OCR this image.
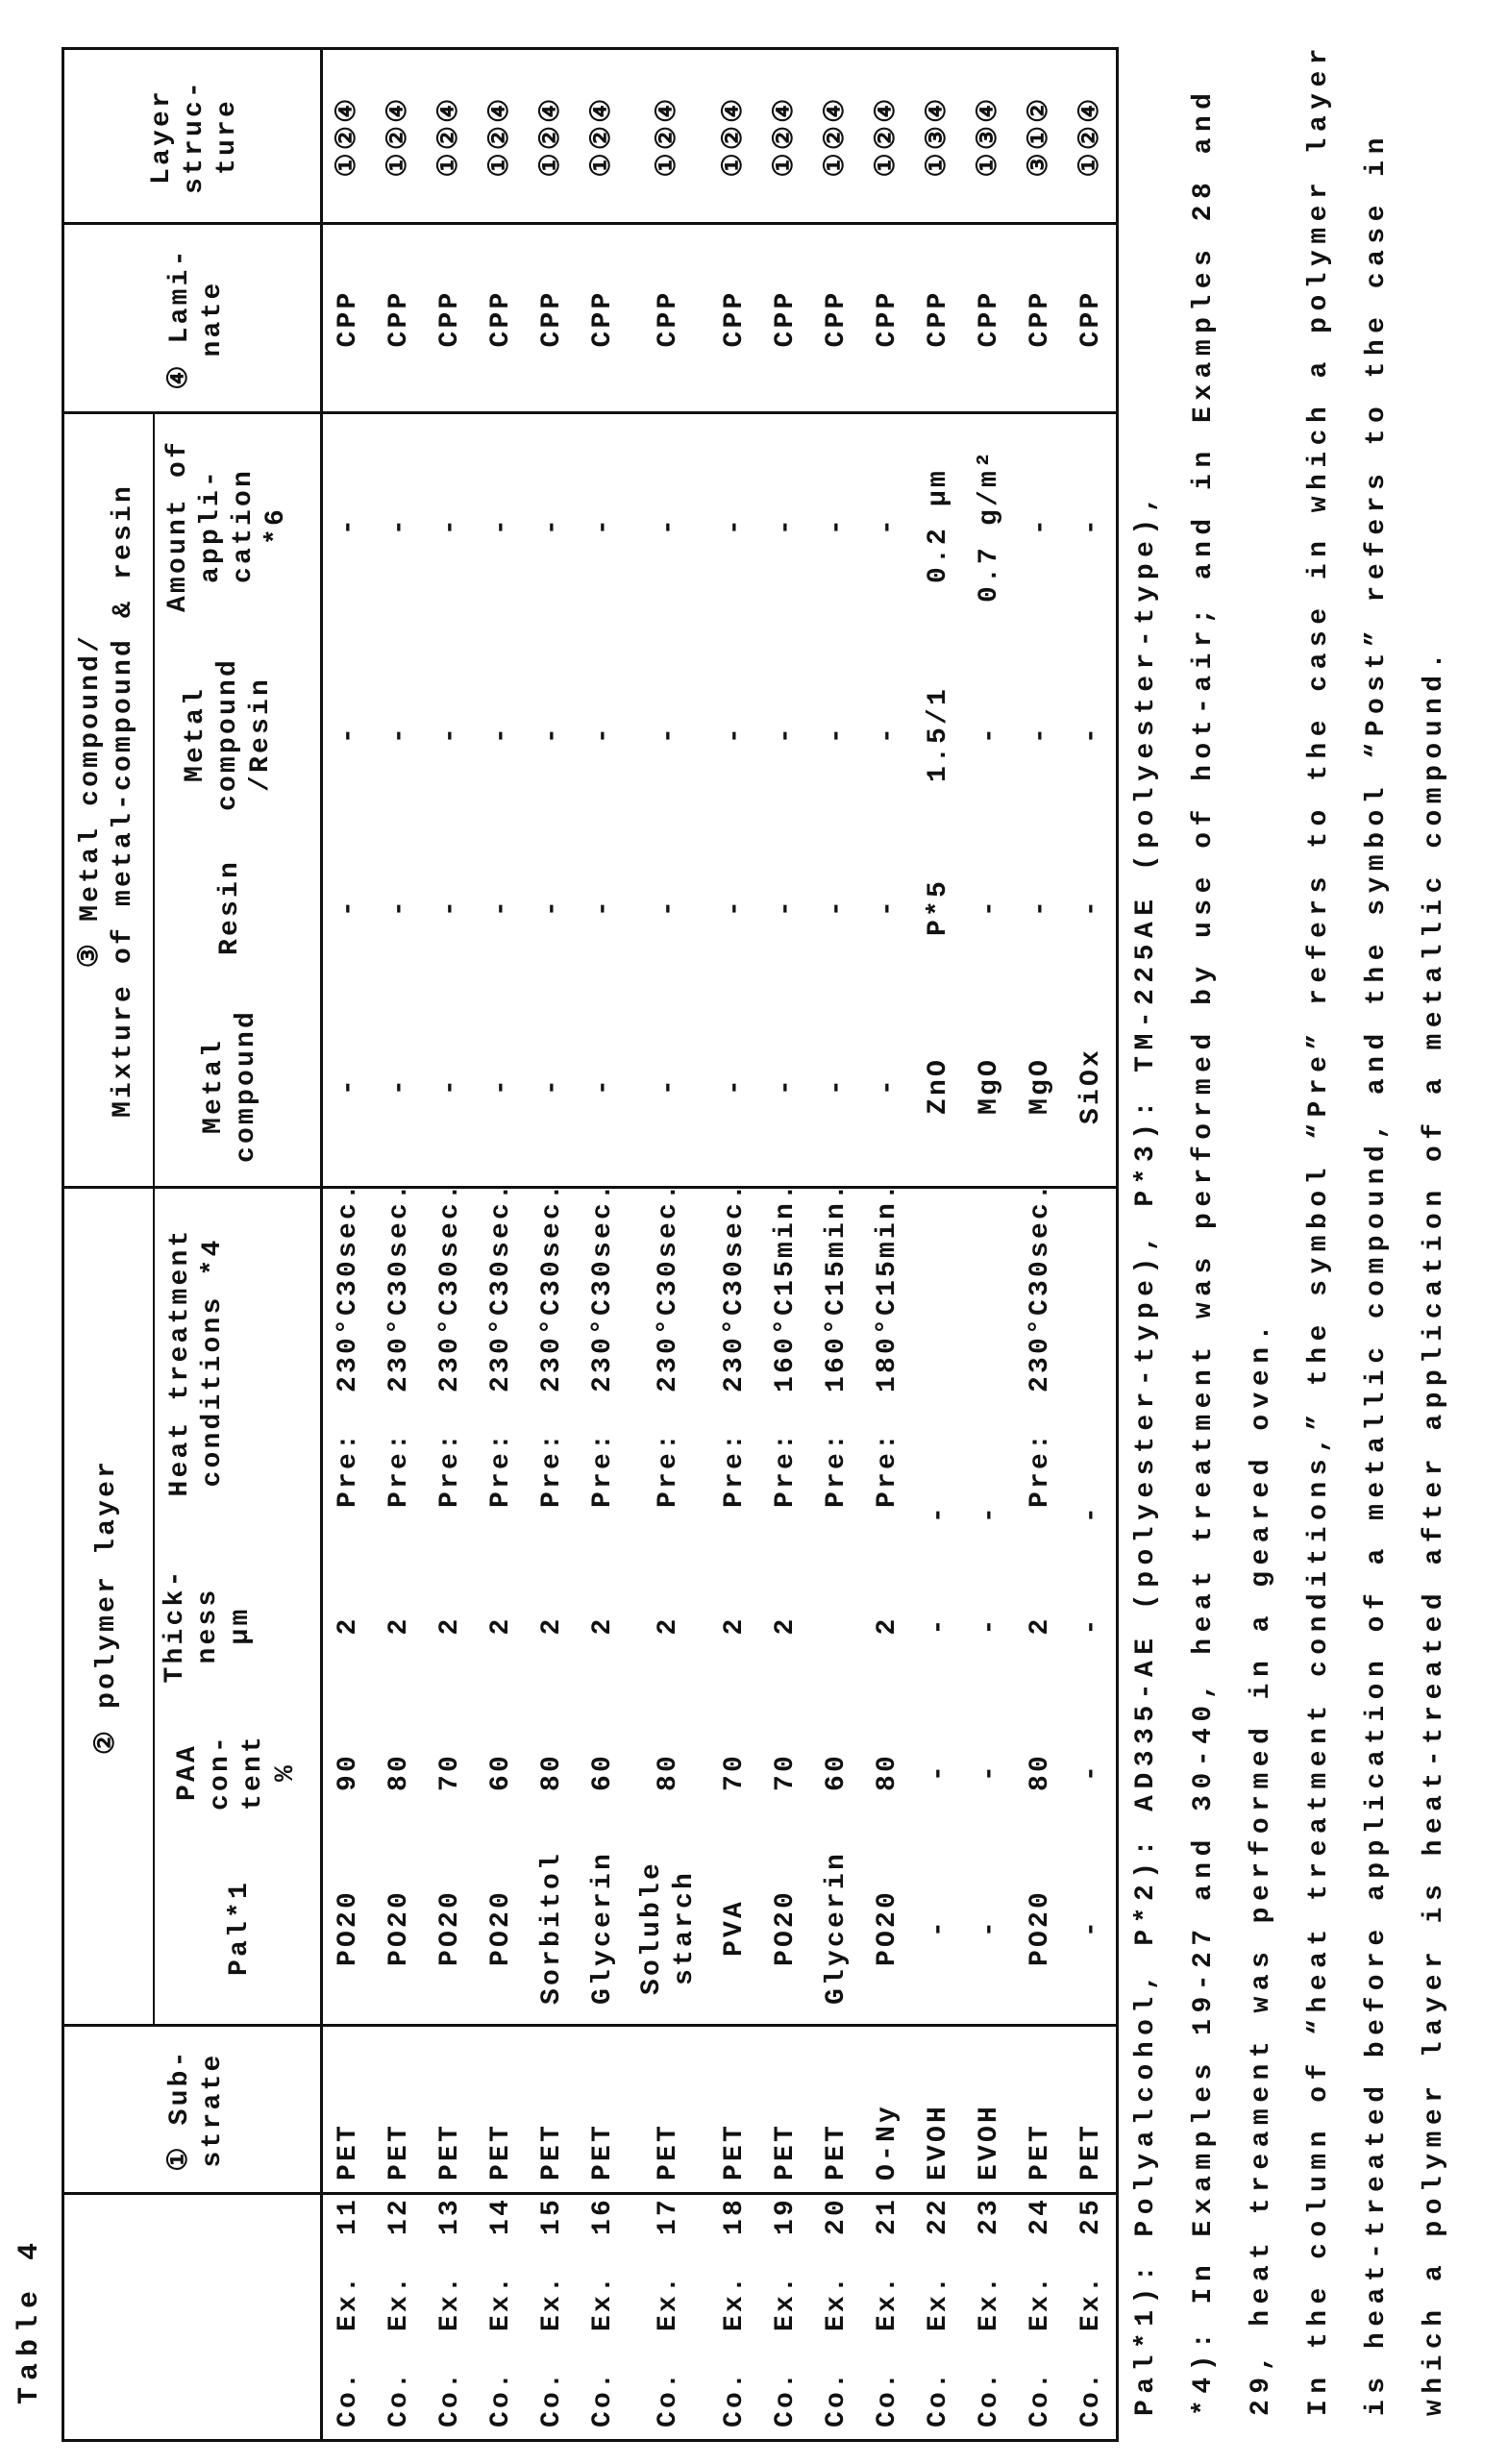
Table 4
① Sub- strate
② polymer layer
Pal*1
PAA con- tent %
Thick- ness µm
Heat treatment conditions *4
③ Metal compound/ Mixture of metal-compound & resin Metal compound
Resin
Metal compound /Resin
Amount of appli- cation *6
④ Lami- nate
Layer struc- ture
Co.  Ex.  11
PET
PO20
90
2
Pre:  230°C30sec.
-
-
-
-
CPP
①②④
Co.  Ex.  12
PET
PO20
80
2
Pre:  230°C30sec.
-
-
-
-
CPP
①②④
Co.  Ex.  13
PET
PO20
70
2
Pre:  230°C30sec.
-
-
-
-
CPP
①②④
Co.  Ex.  14
PET
PO20
60
2
Pre:  230°C30sec.
-
-
-
-
CPP
①②④
Co.  Ex.  15
PET
Sorbitol
80
2
Pre:  230°C30sec.
-
-
-
-
CPP
①②④
Co.  Ex.  16
PET
Glycerin
60
2
Pre:  230°C30sec.
-
-
-
-
CPP
①②④
Co.  Ex.  17
PET
Soluble
starch
80
2
Pre:  230°C30sec.
-
-
-
-
CPP
①②④
Co.  Ex.  18
PET
PVA
70
2
Pre:  230°C30sec.
-
-
-
-
CPP
①②④
Co.  Ex.  19
PET
PO20
70
2
Pre:  160°C15min.
-
-
-
-
CPP
①②④
Co.  Ex.  20
PET
Glycerin
60
Pre:  160°C15min.
-
-
-
-
CPP
①②④
Co.  Ex.  21
O-Ny
PO20
80
2
Pre:  180°C15min.
-
-
-
-
CPP
①②④
Co.  Ex.  22
EVOH
-
-
-
-
ZnO
P*5
1.5/1
0.2 µm
CPP
①③④
Co.  Ex.  23
EVOH
-
-
-
-
MgO
-
-
0.7 g/m²
CPP
①③④
Co.  Ex.  24
PET
PO20
80
2
Pre:  230°C30sec.
MgO
-
-
-
CPP
③①②
Co.  Ex.  25
PET
-
-
-
-
SiOx
-
-
-
CPP
①②④
Pal*1): Polyalcohol, P*2): AD335-AE (polyester-type), P*3): TM-225AE (polyester-type), *4): In Examples 19-27 and 30-40, heat treatment was performed by use of hot-air; and in Examples 28 and 29, heat treament was performed in a geared oven. In the column of “heat treatment conditions,” the symbol “Pre” refers to the case in which a polymer layer is heat-treated before application of a metallic compound, and the symbol “Post” refers to the case in which a polymer layer is heat-treated after application of a metallic compound.
